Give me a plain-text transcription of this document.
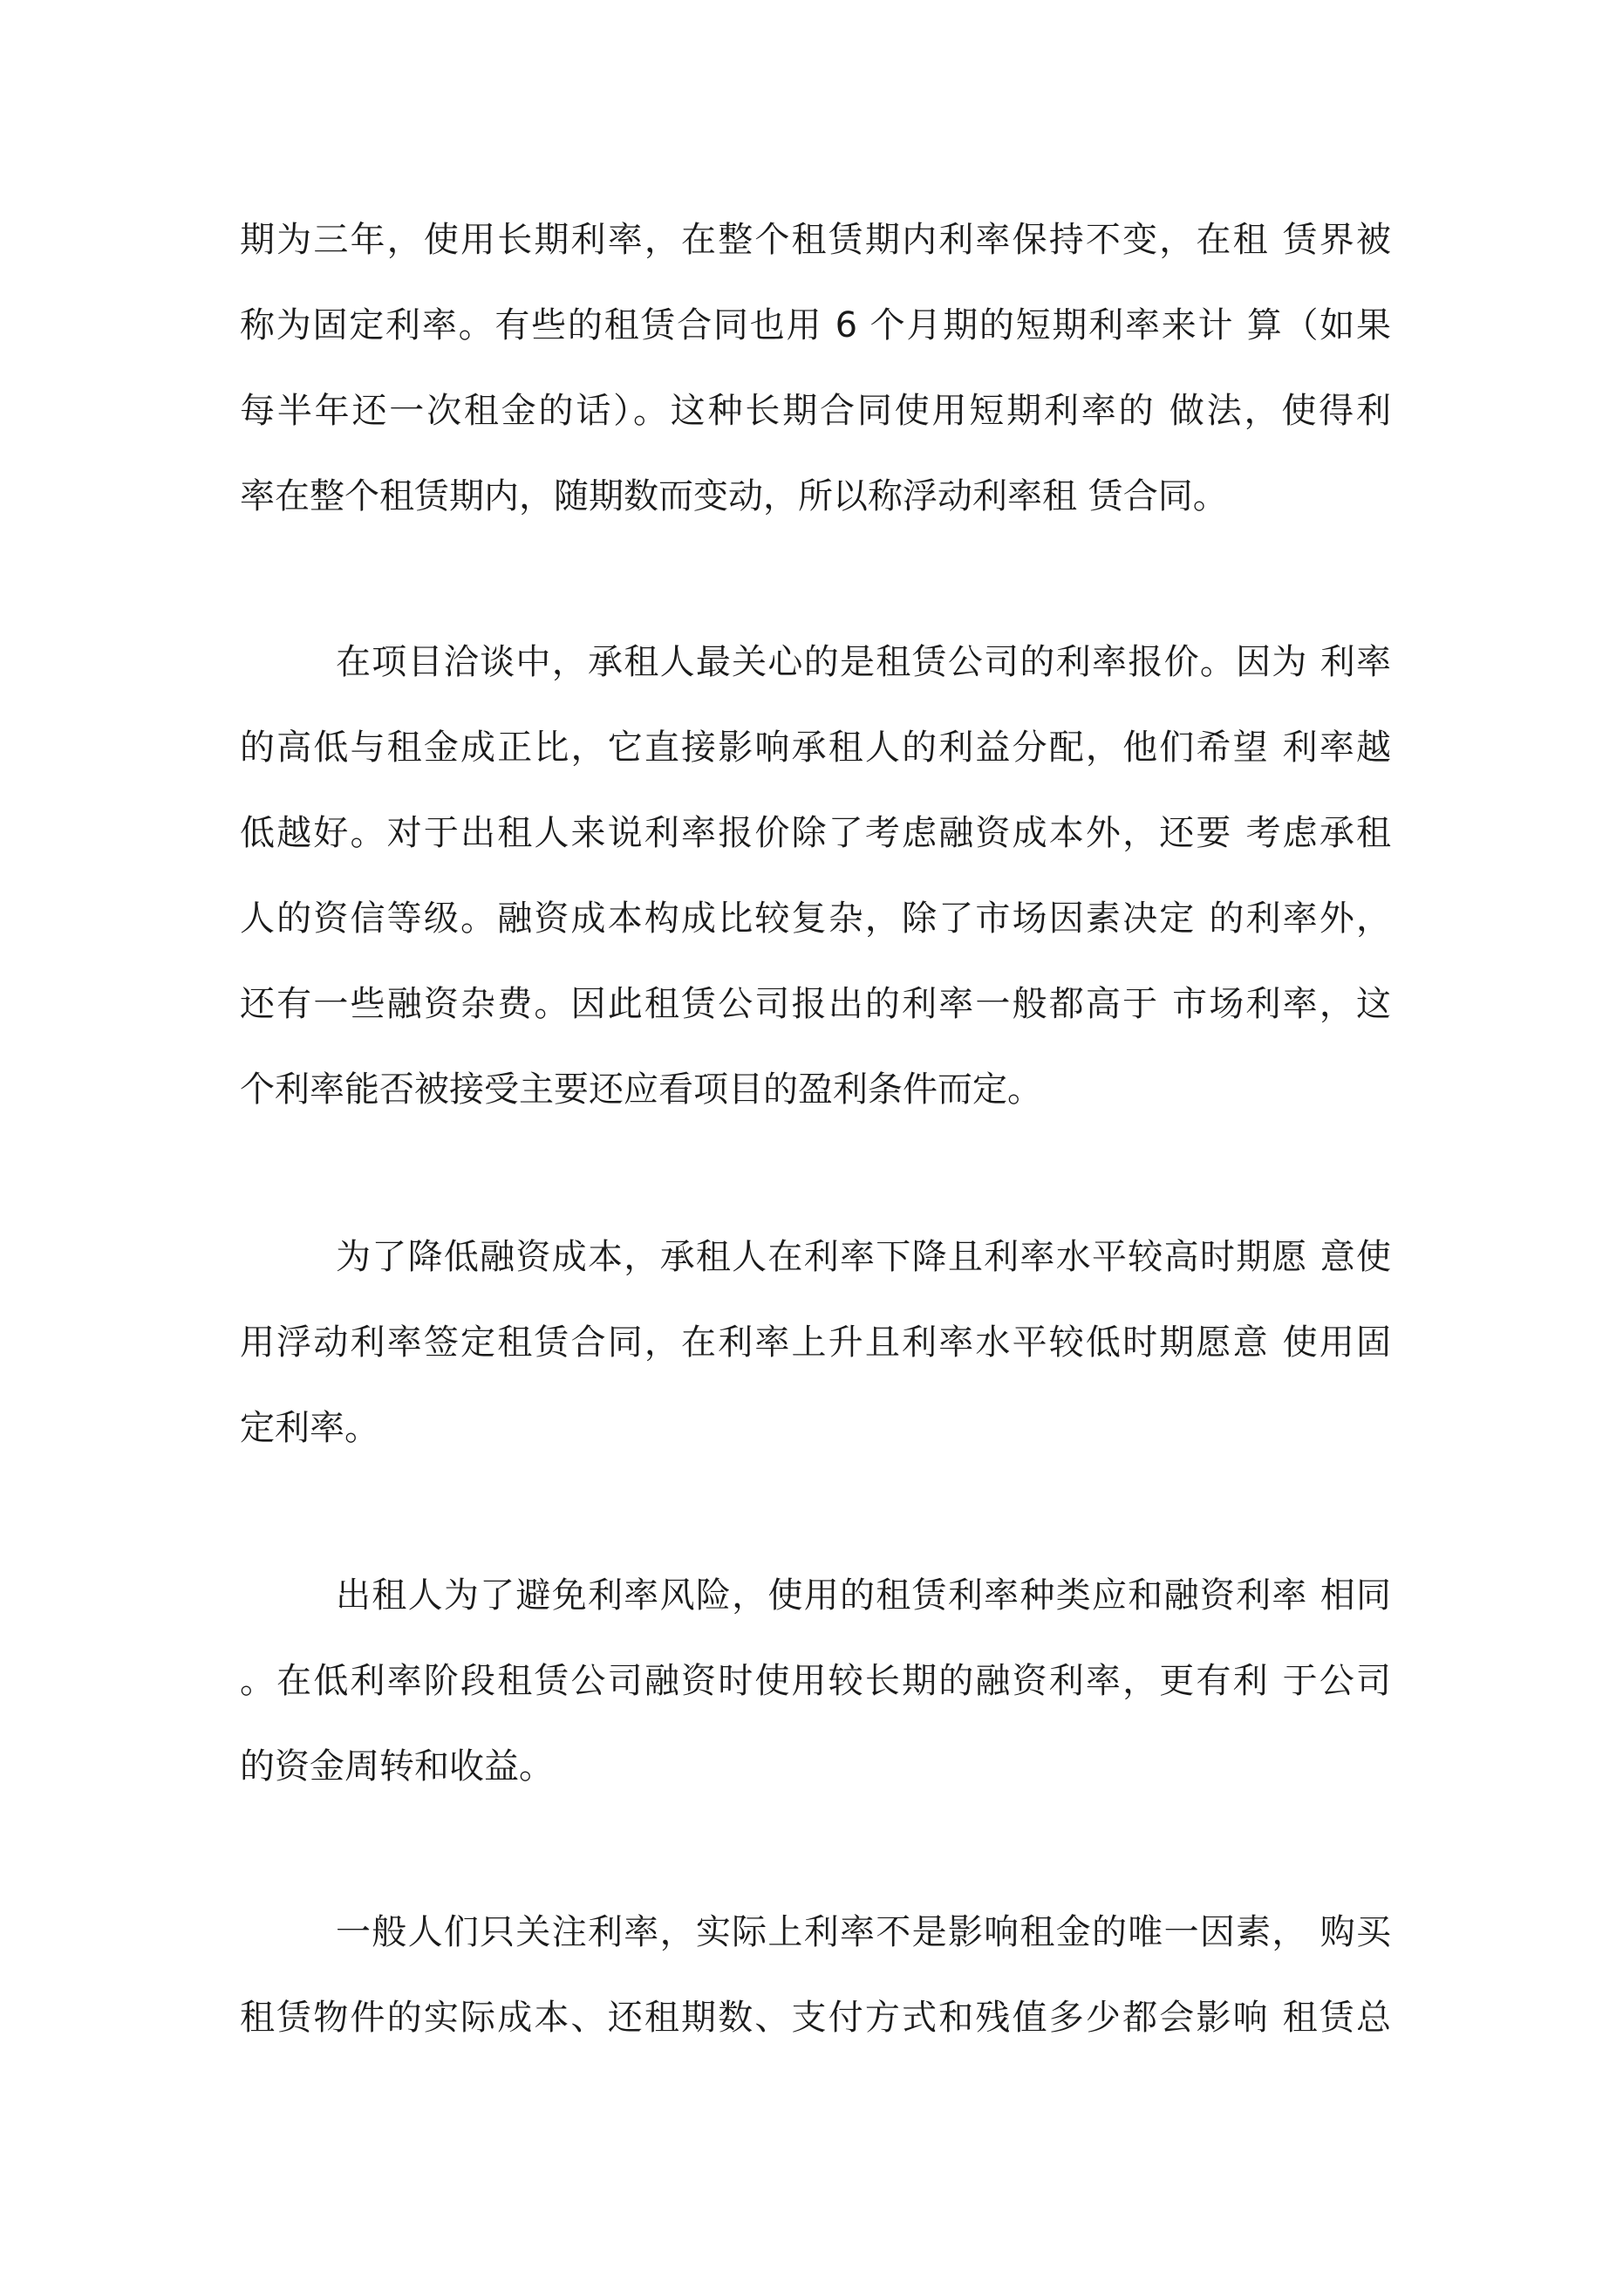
期为三年，使用长期利率，在整个租赁期内利率保持不变，在租 赁界被
称为固定利率。有些的租赁合同也用 6 个月期的短期利率来计 算（如果
每半年还一次租金的话）。这种长期合同使用短期利率的 做法，使得利
率在整个租赁期内，随期数而变动，所以称浮动利率租 赁合同。
在项目洽谈中，承租人最关心的是租赁公司的利率报价。因为 利率
的高低与租金成正比，它直接影响承租人的利益分配，他们希望 利率越
低越好。对于出租人来说利率报价除了考虑融资成本外，还要 考虑承租
人的资信等级。融资成本构成比较复杂，除了市场因素决定 的利率外，
还有一些融资杂费。因此租赁公司报出的利率一般都高于 市场利率，这
个利率能否被接受主要还应看项目的盈利条件而定。
为了降低融资成本，承租人在利率下降且利率水平较高时期愿 意使
用浮动利率签定租赁合同，在利率上升且利率水平较低时期愿意 使用固
定利率。
出租人为了避免利率风险，使用的租赁利率种类应和融资利率 相同
。在低利率阶段租赁公司融资时使用较长期的融资利率，更有利 于公司
的资金周转和收益。
一般人们只关注利率，实际上利率不是影响租金的唯一因素， 购买
租赁物件的实际成本、还租期数、支付方式和残值多少都会影响 租赁总
